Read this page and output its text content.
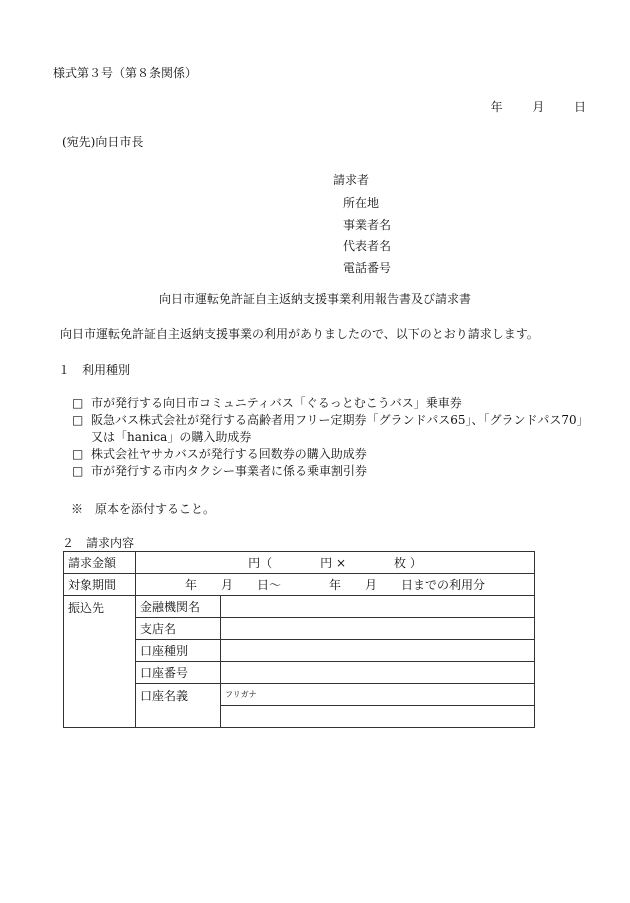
様式第３号（第８条関係）
年 月 日
(宛先)向日市長
請求者
所在地
事業者名
代表者名
電話番号
向日市運転免許証自主返納支援事業利用報告書及び請求書
向日市運転免許証自主返納支援事業の利用がありましたので、以下のとおり請求します。
１　利用種別
□ 市が発行する向日市コミュニティバス「ぐるっとむこうバス」乗車券
□ 阪急バス株式会社が発行する高齢者用フリー定期券「グランドパス65」、「グランドパス70」又は「hanica」の購入助成券
□ 株式会社ヤサカバスが発行する回数券の購入助成券
□ 市が発行する市内タクシー事業者に係る乗車割引券
※　原本を添付すること。
２　請求内容
請求金額	円（　　　　円 ×　　　　枚 ）	
対象期間	年　　月　　日～　　　　年　　月　　日までの利用分	
振込先	金融機関名	
	支店名	
	口座種別	
	口座番号	
	口座名義	フリガナ
